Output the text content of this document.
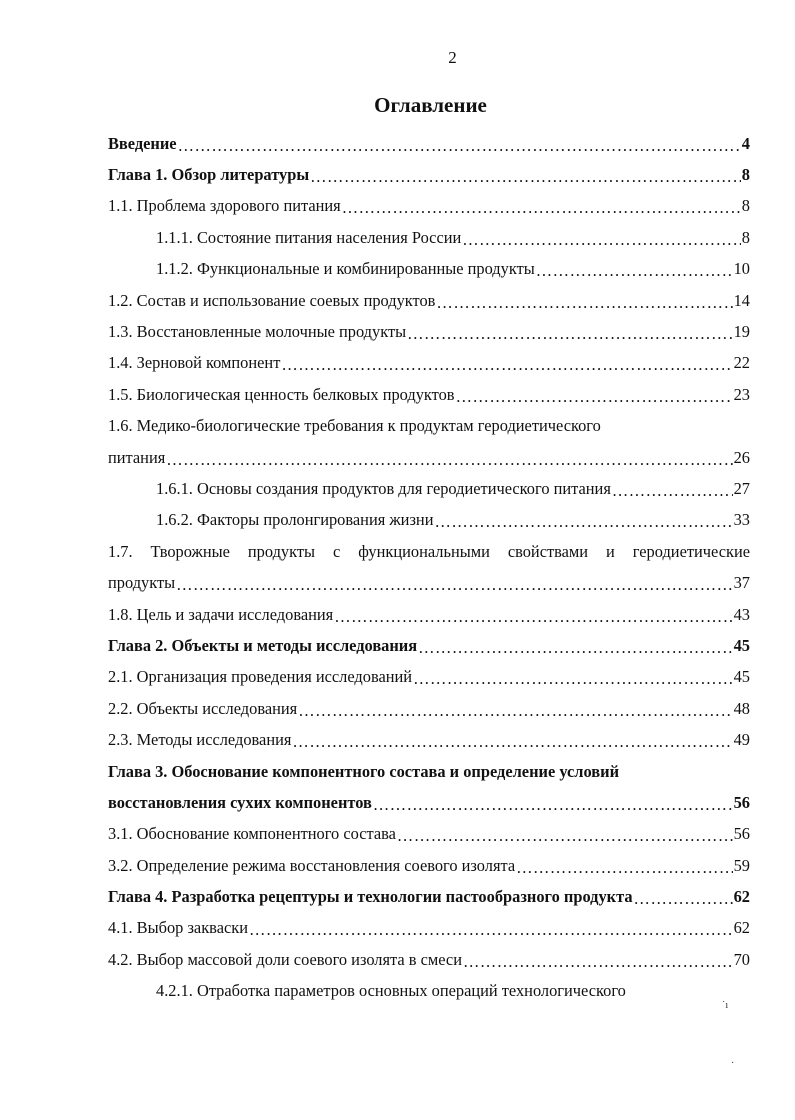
2
Оглавление
Введение …………………………………………………………………………………………………………………………………………………………………………………………	4
Глава 1. Обзор литературы …………………………………………………………………………………………………………………………………………………………………………………………	8
1.1. Проблема здорового питания …………………………………………………………………………………………………………………………………………………………………………………………	8
1.1.1. Состояние питания населения России …………………………………………………………………………………………………………………………………………………………………………………………	8
1.1.2. Функциональные и комбинированные продукты …………………………………………………………………………………………………………………………………………………………………………………………	10
1.2. Состав и использование соевых продуктов …………………………………………………………………………………………………………………………………………………………………………………………	14
1.3. Восстановленные молочные продукты …………………………………………………………………………………………………………………………………………………………………………………………	19
1.4. Зерновой компонент …………………………………………………………………………………………………………………………………………………………………………………………	22
1.5. Биологическая ценность белковых продуктов …………………………………………………………………………………………………………………………………………………………………………………………	23
1.6. Медико-биологические требования к продуктам геродиетического
питания …………………………………………………………………………………………………………………………………………………………………………………………	26
1.6.1. Основы создания продуктов для геродиетического питания …………………………………………………………………………………………………………………………………………………………………………………………	27
1.6.2. Факторы пролонгирования жизни …………………………………………………………………………………………………………………………………………………………………………………………	33
1.7. Творожные продукты с функциональными свойствами и геродиетические
продукты …………………………………………………………………………………………………………………………………………………………………………………………	37
1.8. Цель и задачи исследования …………………………………………………………………………………………………………………………………………………………………………………………	43
Глава 2. Объекты и методы исследования …………………………………………………………………………………………………………………………………………………………………………………………	45
2.1. Организация проведения исследований …………………………………………………………………………………………………………………………………………………………………………………………	45
2.2. Объекты исследования …………………………………………………………………………………………………………………………………………………………………………………………	48
2.3. Методы исследования …………………………………………………………………………………………………………………………………………………………………………………………	49
Глава 3. Обоснование компонентного состава и определение условий
восстановления сухих компонентов …………………………………………………………………………………………………………………………………………………………………………………………	56
3.1. Обоснование компонентного состава …………………………………………………………………………………………………………………………………………………………………………………………	56
3.2. Определение режима восстановления соевого изолята …………………………………………………………………………………………………………………………………………………………………………………………	59
Глава 4. Разработка рецептуры и технологии пастообразного продукта …………………………………………………………………………………………………………………………………………………………………………………………	62
4.1. Выбор закваски …………………………………………………………………………………………………………………………………………………………………………………………	62
4.2. Выбор массовой доли соевого изолята в смеси …………………………………………………………………………………………………………………………………………………………………………………………	70
4.2.1. Отработка параметров основных операций технологического
˙ı
·
